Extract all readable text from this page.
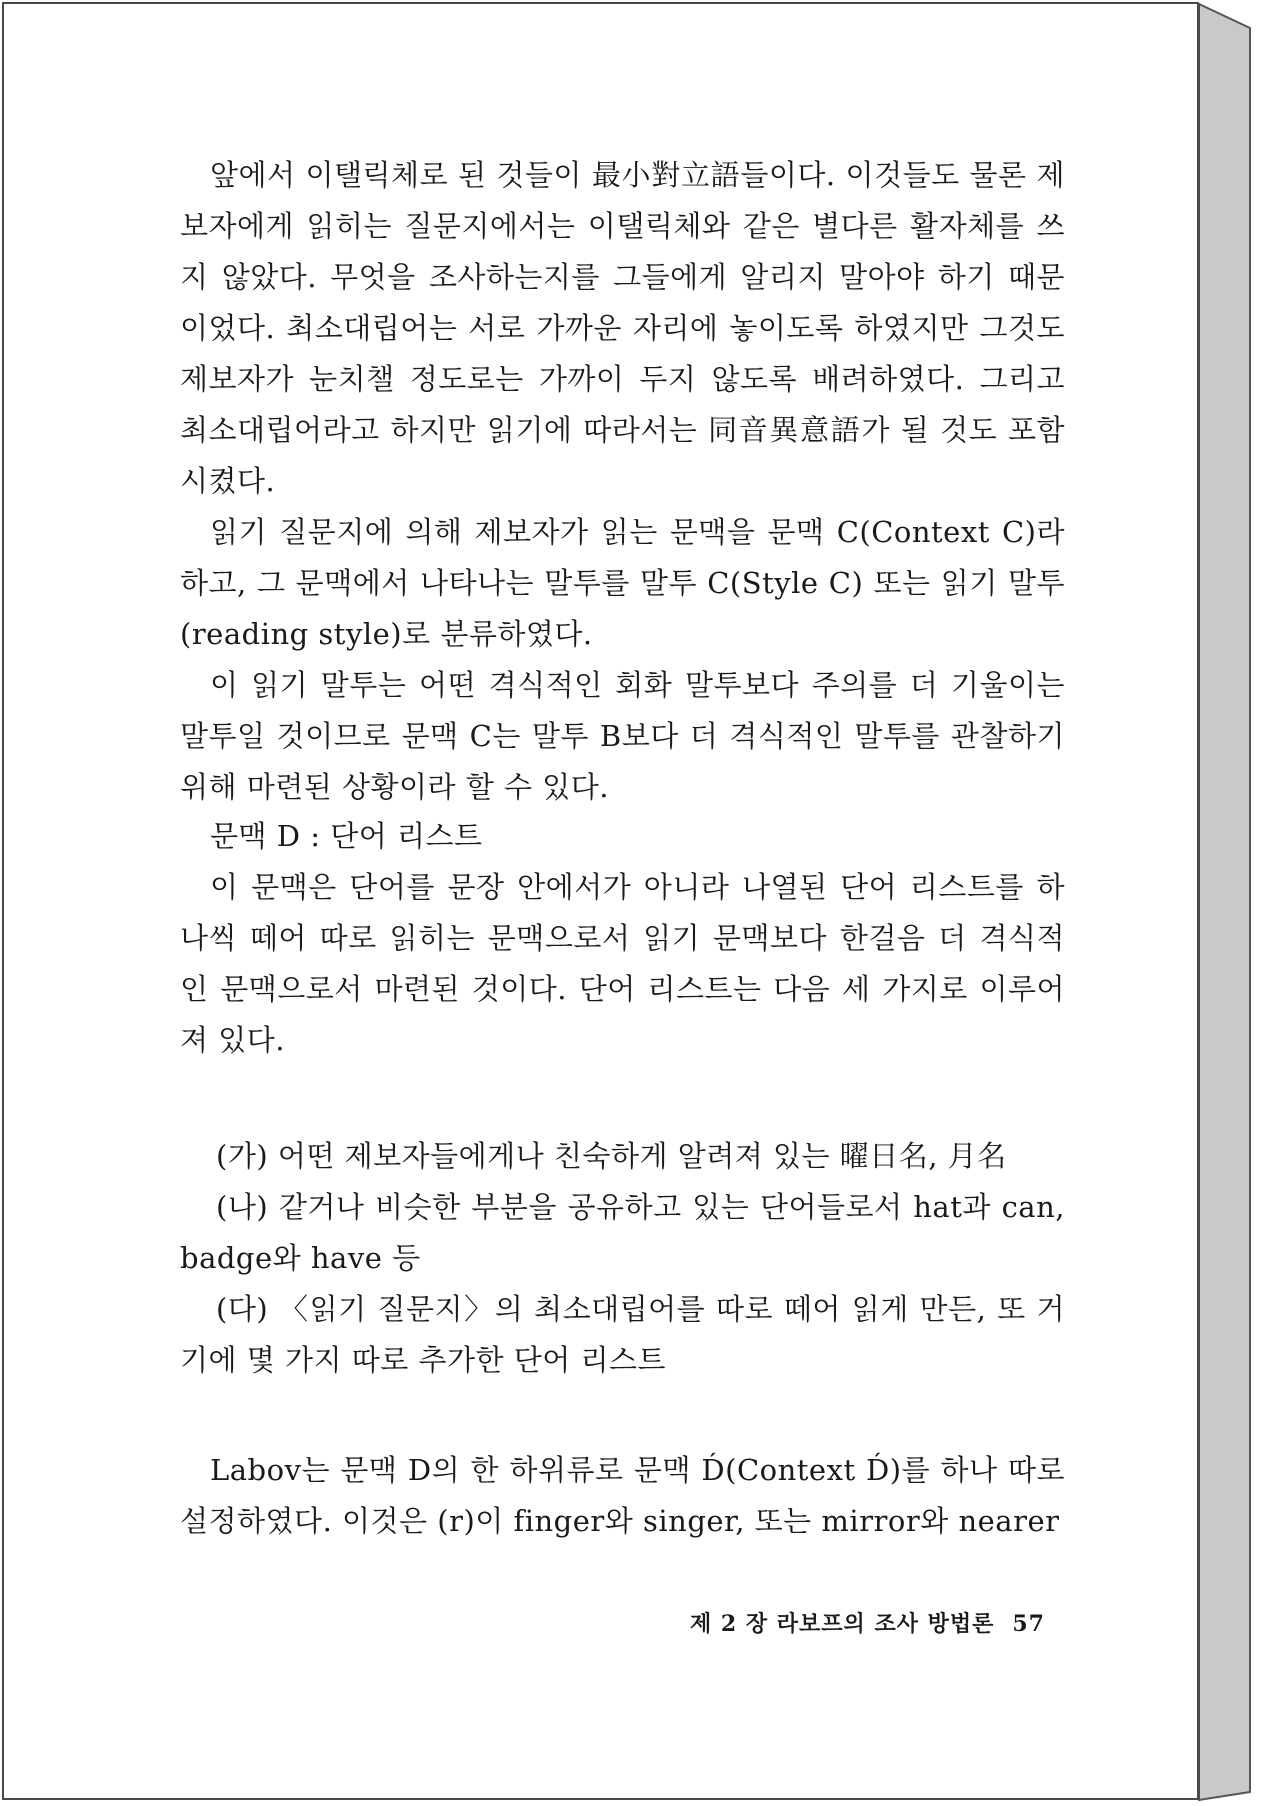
앞에서 이탤릭체로 된 것들이 最小對立語들이다. 이것들도 물론 제보자에게 읽히는 질문지에서는 이탤릭체와 같은 별다른 활자체를 쓰지 않았다. 무엇을 조사하는지를 그들에게 알리지 말아야 하기 때문이었다. 최소대립어는 서로 가까운 자리에 놓이도록 하였지만 그것도 제보자가 눈치챌 정도로는 가까이 두지 않도록 배려하였다. 그리고 최소대립어라고 하지만 읽기에 따라서는 同音異意語가 될 것도 포함시켰다.

읽기 질문지에 의해 제보자가 읽는 문맥을 문맥 C(Context C)라 하고, 그 문맥에서 나타나는 말투를 말투 C(Style C) 또는 읽기 말투(reading style)로 분류하였다.

이 읽기 말투는 어떤 격식적인 회화 말투보다 주의를 더 기울이는 말투일 것이므로 문맥 C는 말투 B보다 더 격식적인 말투를 관찰하기 위해 마련된 상황이라 할 수 있다.

문맥 D : 단어 리스트

이 문맥은 단어를 문장 안에서가 아니라 나열된 단어 리스트를 하나씩 떼어 따로 읽히는 문맥으로서 읽기 문맥보다 한걸음 더 격식적인 문맥으로서 마련된 것이다. 단어 리스트는 다음 세 가지로 이루어져 있다.

(가) 어떤 제보자들에게나 친숙하게 알려져 있는 曜日名, 月名

(나) 같거나 비슷한 부분을 공유하고 있는 단어들로서 hat과 can, badge와 have 등

(다) 〈읽기 질문지〉의 최소대립어를 따로 떼어 읽게 만든, 또 거기에 몇 가지 따로 추가한 단어 리스트

Labov는 문맥 D의 한 하위류로 문맥 D́(Context D́)를 하나 따로 설정하였다. 이것은 (r)이 finger와 singer, 또는 mirror와 nearer

제 2 장 라보프의 조사 방법론 57
